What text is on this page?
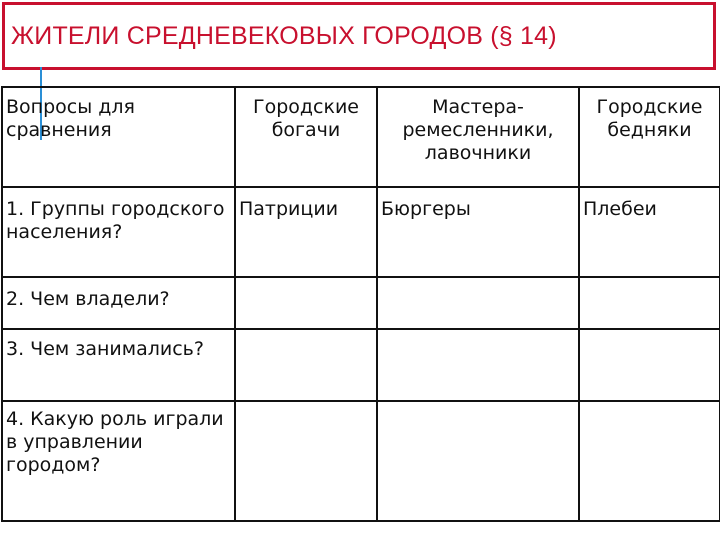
ЖИТЕЛИ СРЕДНЕВЕКОВЫХ ГОРОДОВ (§ 14)
Вопросы для сравнения	Городские богачи	Мастера-ремесленники, лавочники	Городские бедняки
1. Группы городского населения?	Патриции	Бюргеры	Плебеи
2. Чем владели?			
3. Чем занимались?			
4. Какую роль играли в управлении городом?			
